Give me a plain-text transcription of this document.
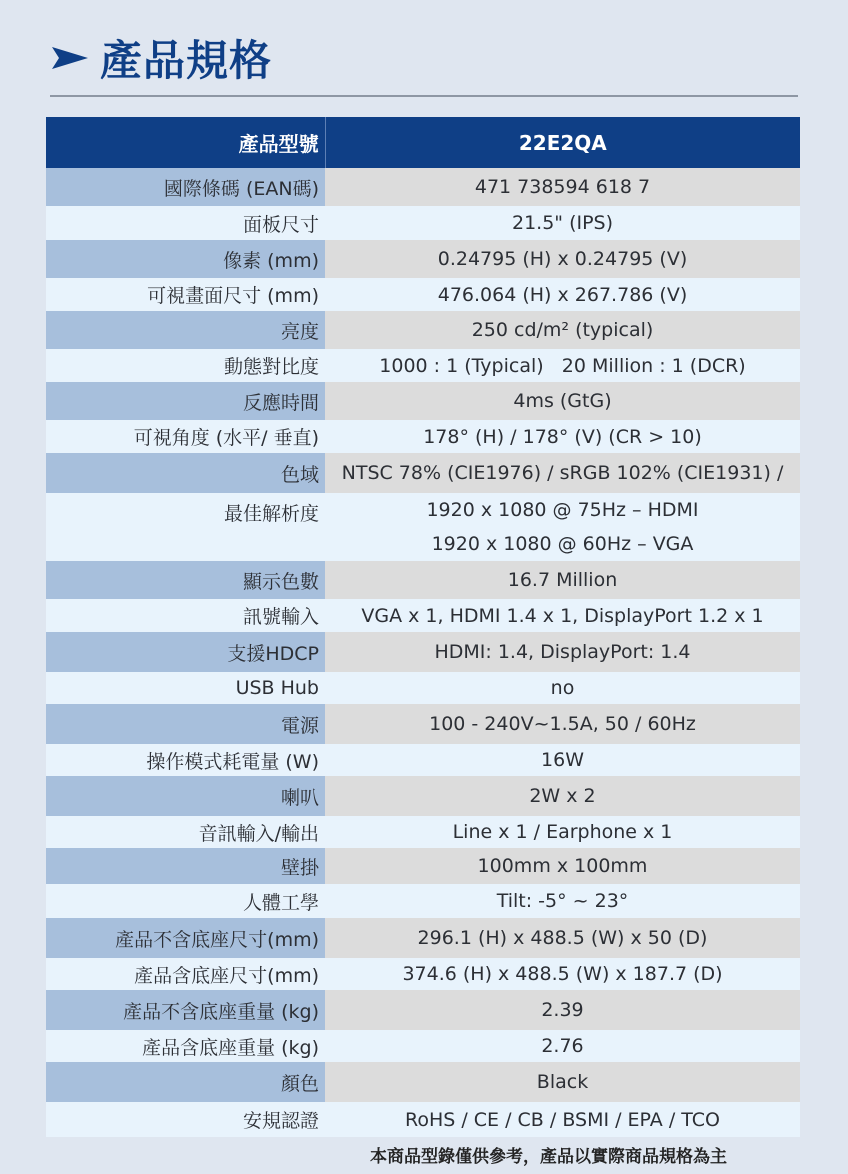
產品規格
產品型號	22E2QA
國際條碼 (EAN碼)	471 738594 618 7
面板尺寸	21.5" (IPS)
像素 (mm)	0.24795 (H) x 0.24795 (V)
可視畫面尺寸 (mm)	476.064 (H) x 267.786 (V)
亮度	250 cd/m² (typical)
動態對比度	1000 : 1 (Typical)   20 Million : 1 (DCR)
反應時間	4ms (GtG)
可視角度 (水平/ 垂直)	178° (H) / 178° (V) (CR > 10)
色域	NTSC 78% (CIE1976) / sRGB 102% (CIE1931) /
最佳解析度	1920 x 1080 @ 75Hz – HDMI
1920 x 1080 @ 60Hz – VGA
顯示色數	16.7 Million
訊號輸入	VGA x 1, HDMI 1.4 x 1, DisplayPort 1.2 x 1
支援HDCP	HDMI: 1.4, DisplayPort: 1.4
USB Hub	no
電源	100 - 240V~1.5A, 50 / 60Hz
操作模式耗電量 (W)	16W
喇叭	2W x 2
音訊輸入/輸出	Line x 1 / Earphone x 1
壁掛	100mm x 100mm
人體工學	Tilt: -5° ~ 23°
產品不含底座尺寸(mm)	296.1 (H) x 488.5 (W) x 50 (D)
產品含底座尺寸(mm)	374.6 (H) x 488.5 (W) x 187.7 (D)
產品不含底座重量 (kg)	2.39
產品含底座重量 (kg)	2.76
顏色	Black
安規認證	RoHS / CE / CB / BSMI / EPA / TCO
本商品型錄僅供參考，產品以實際商品規格為主
